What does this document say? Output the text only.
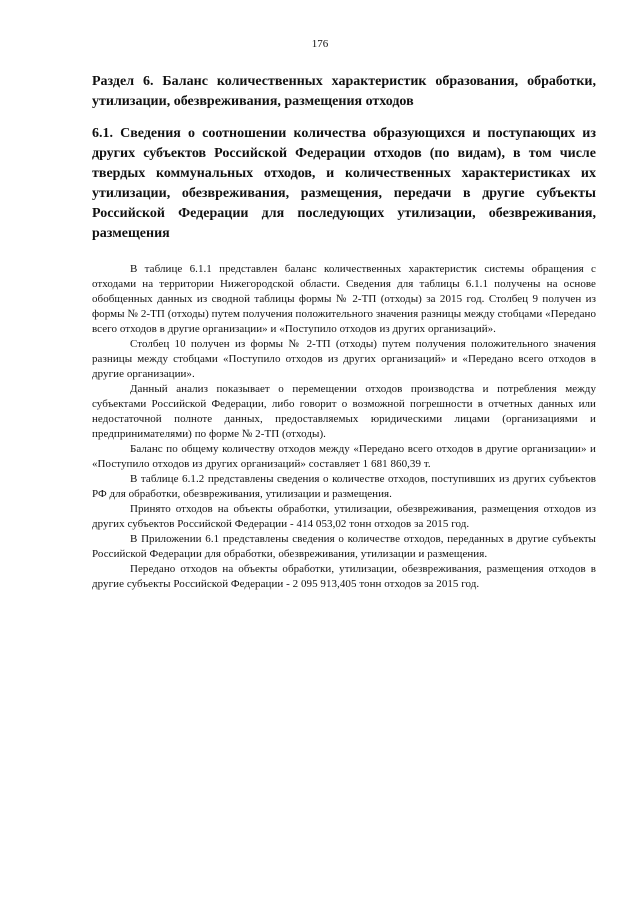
176

Раздел 6. Баланс количественных характеристик образования, обработки, утилизации, обезвреживания, размещения отходов

6.1. Сведения о соотношении количества образующихся и поступающих из других субъектов Российской Федерации отходов (по видам), в том числе твердых коммунальных отходов, и количественных характеристиках их утилизации, обезвреживания, размещения, передачи в другие субъекты Российской Федерации для последующих утилизации, обезвреживания, размещения

В таблице 6.1.1 представлен баланс количественных характеристик системы обращения с отходами на территории Нижегородской области. Сведения для таблицы 6.1.1 получены на основе обобщенных данных из сводной таблицы формы № 2-ТП (отходы) за 2015 год. Столбец 9 получен из формы № 2-ТП (отходы) путем получения положительного значения разницы между стобцами «Передано всего отходов в другие организации» и «Поступило отходов из других организаций».

Столбец 10 получен из формы № 2-ТП (отходы) путем получения положительного значения разницы между стобцами «Поступило отходов из других организаций» и «Передано всего отходов в другие организации».

Данный анализ показывает о перемещении отходов производства и потребления между субъектами Российской Федерации, либо говорит о возможной погрешности в отчетных данных или недостаточной полноте данных, предоставляемых юридическими лицами (организациями и предпринимателями) по форме № 2-ТП (отходы).

Баланс по общему количеству отходов между «Передано всего отходов в другие организации» и «Поступило отходов из других организаций» составляет 1 681 860,39 т.

В таблице 6.1.2 представлены сведения о количестве отходов, поступивших из других субъектов РФ для обработки, обезвреживания, утилизации и размещения.

Принято отходов на объекты обработки, утилизации, обезвреживания, размещения отходов из других субъектов Российской Федерации - 414 053,02 тонн отходов за 2015 год.

В Приложении 6.1 представлены сведения о количестве отходов, переданных в другие субъекты Российской Федерации для обработки, обезвреживания, утилизации и размещения.

Передано отходов на объекты обработки, утилизации, обезвреживания, размещения отходов в другие субъекты Российской Федерации - 2 095 913,405 тонн отходов за 2015 год.
